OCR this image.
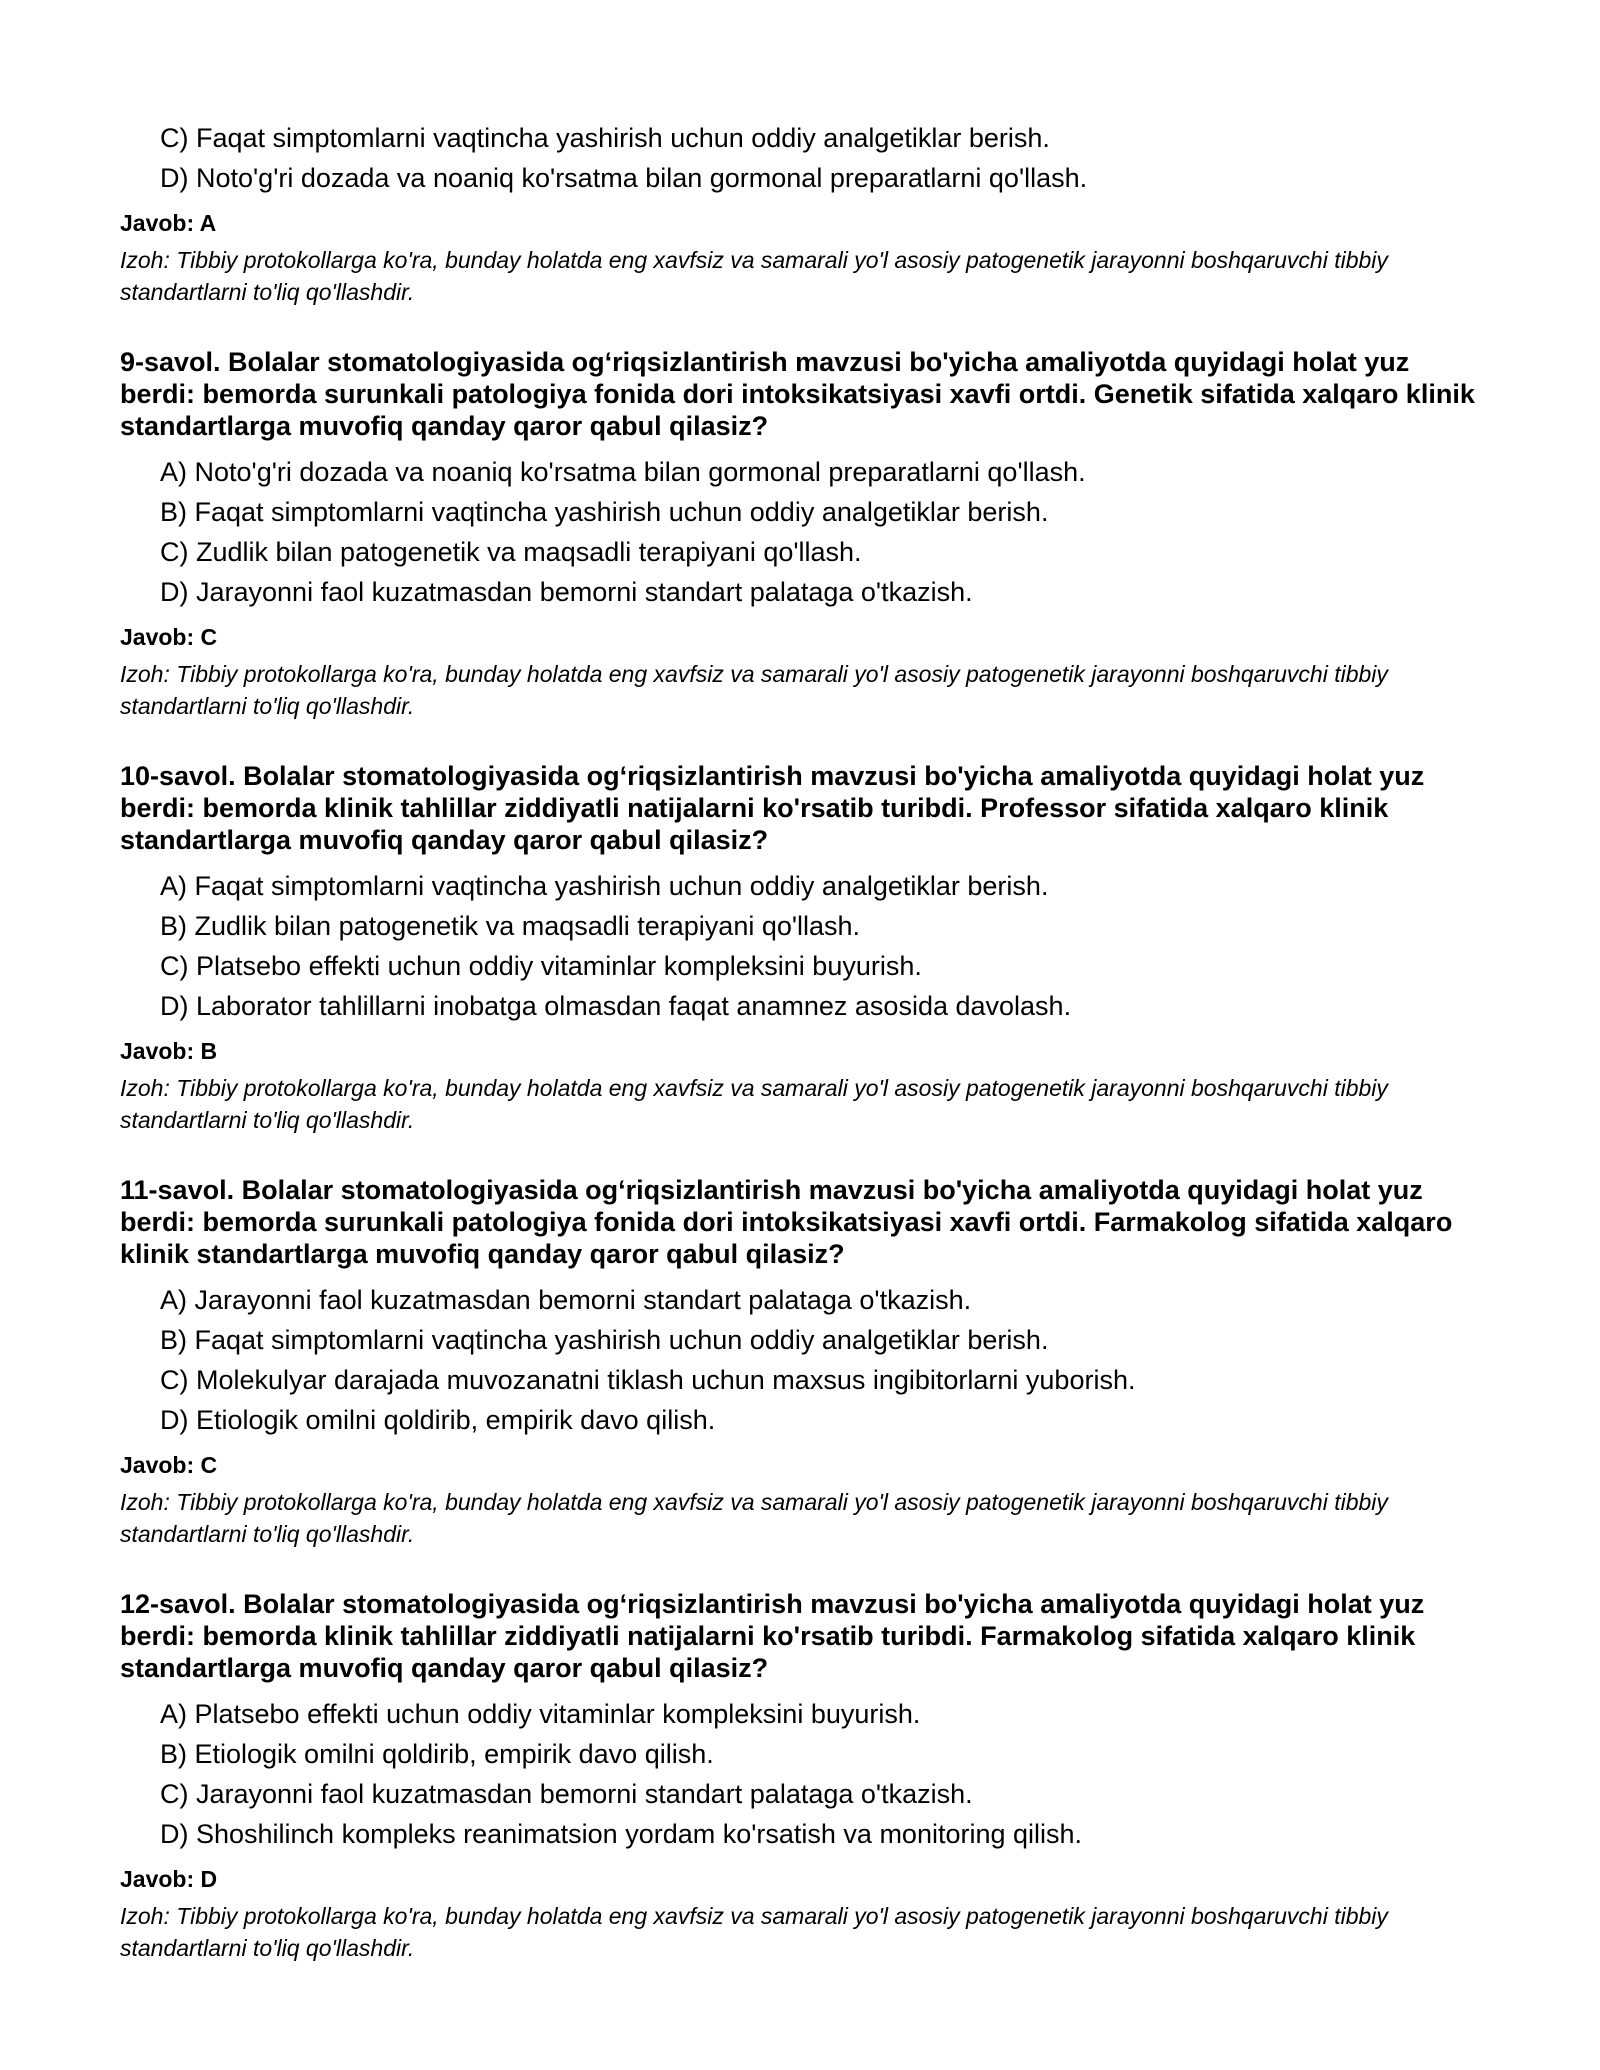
C) Faqat simptomlarni vaqtincha yashirish uchun oddiy analgetiklar berish.
D) Noto'g'ri dozada va noaniq ko'rsatma bilan gormonal preparatlarni qo'llash.
Javob: A
Izoh: Tibbiy protokollarga ko'ra, bunday holatda eng xavfsiz va samarali yo'l asosiy patogenetik jarayonni boshqaruvchi tibbiy standartlarni to'liq qo'llashdir.
9-savol. Bolalar stomatologiyasida og‘riqsizlantirish mavzusi bo'yicha amaliyotda quyidagi holat yuz berdi: bemorda surunkali patologiya fonida dori intoksikatsiyasi xavfi ortdi. Genetik sifatida xalqaro klinik standartlarga muvofiq qanday qaror qabul qilasiz?
A) Noto'g'ri dozada va noaniq ko'rsatma bilan gormonal preparatlarni qo'llash.
B) Faqat simptomlarni vaqtincha yashirish uchun oddiy analgetiklar berish.
C) Zudlik bilan patogenetik va maqsadli terapiyani qo'llash.
D) Jarayonni faol kuzatmasdan bemorni standart palataga o'tkazish.
Javob: C
Izoh: Tibbiy protokollarga ko'ra, bunday holatda eng xavfsiz va samarali yo'l asosiy patogenetik jarayonni boshqaruvchi tibbiy standartlarni to'liq qo'llashdir.
10-savol. Bolalar stomatologiyasida og‘riqsizlantirish mavzusi bo'yicha amaliyotda quyidagi holat yuz berdi: bemorda klinik tahlillar ziddiyatli natijalarni ko'rsatib turibdi. Professor sifatida xalqaro klinik standartlarga muvofiq qanday qaror qabul qilasiz?
A) Faqat simptomlarni vaqtincha yashirish uchun oddiy analgetiklar berish.
B) Zudlik bilan patogenetik va maqsadli terapiyani qo'llash.
C) Platsebo effekti uchun oddiy vitaminlar kompleksini buyurish.
D) Laborator tahlillarni inobatga olmasdan faqat anamnez asosida davolash.
Javob: B
Izoh: Tibbiy protokollarga ko'ra, bunday holatda eng xavfsiz va samarali yo'l asosiy patogenetik jarayonni boshqaruvchi tibbiy standartlarni to'liq qo'llashdir.
11-savol. Bolalar stomatologiyasida og‘riqsizlantirish mavzusi bo'yicha amaliyotda quyidagi holat yuz berdi: bemorda surunkali patologiya fonida dori intoksikatsiyasi xavfi ortdi. Farmakolog sifatida xalqaro klinik standartlarga muvofiq qanday qaror qabul qilasiz?
A) Jarayonni faol kuzatmasdan bemorni standart palataga o'tkazish.
B) Faqat simptomlarni vaqtincha yashirish uchun oddiy analgetiklar berish.
C) Molekulyar darajada muvozanatni tiklash uchun maxsus ingibitorlarni yuborish.
D) Etiologik omilni qoldirib, empirik davo qilish.
Javob: C
Izoh: Tibbiy protokollarga ko'ra, bunday holatda eng xavfsiz va samarali yo'l asosiy patogenetik jarayonni boshqaruvchi tibbiy standartlarni to'liq qo'llashdir.
12-savol. Bolalar stomatologiyasida og‘riqsizlantirish mavzusi bo'yicha amaliyotda quyidagi holat yuz berdi: bemorda klinik tahlillar ziddiyatli natijalarni ko'rsatib turibdi. Farmakolog sifatida xalqaro klinik standartlarga muvofiq qanday qaror qabul qilasiz?
A) Platsebo effekti uchun oddiy vitaminlar kompleksini buyurish.
B) Etiologik omilni qoldirib, empirik davo qilish.
C) Jarayonni faol kuzatmasdan bemorni standart palataga o'tkazish.
D) Shoshilinch kompleks reanimatsion yordam ko'rsatish va monitoring qilish.
Javob: D
Izoh: Tibbiy protokollarga ko'ra, bunday holatda eng xavfsiz va samarali yo'l asosiy patogenetik jarayonni boshqaruvchi tibbiy standartlarni to'liq qo'llashdir.
